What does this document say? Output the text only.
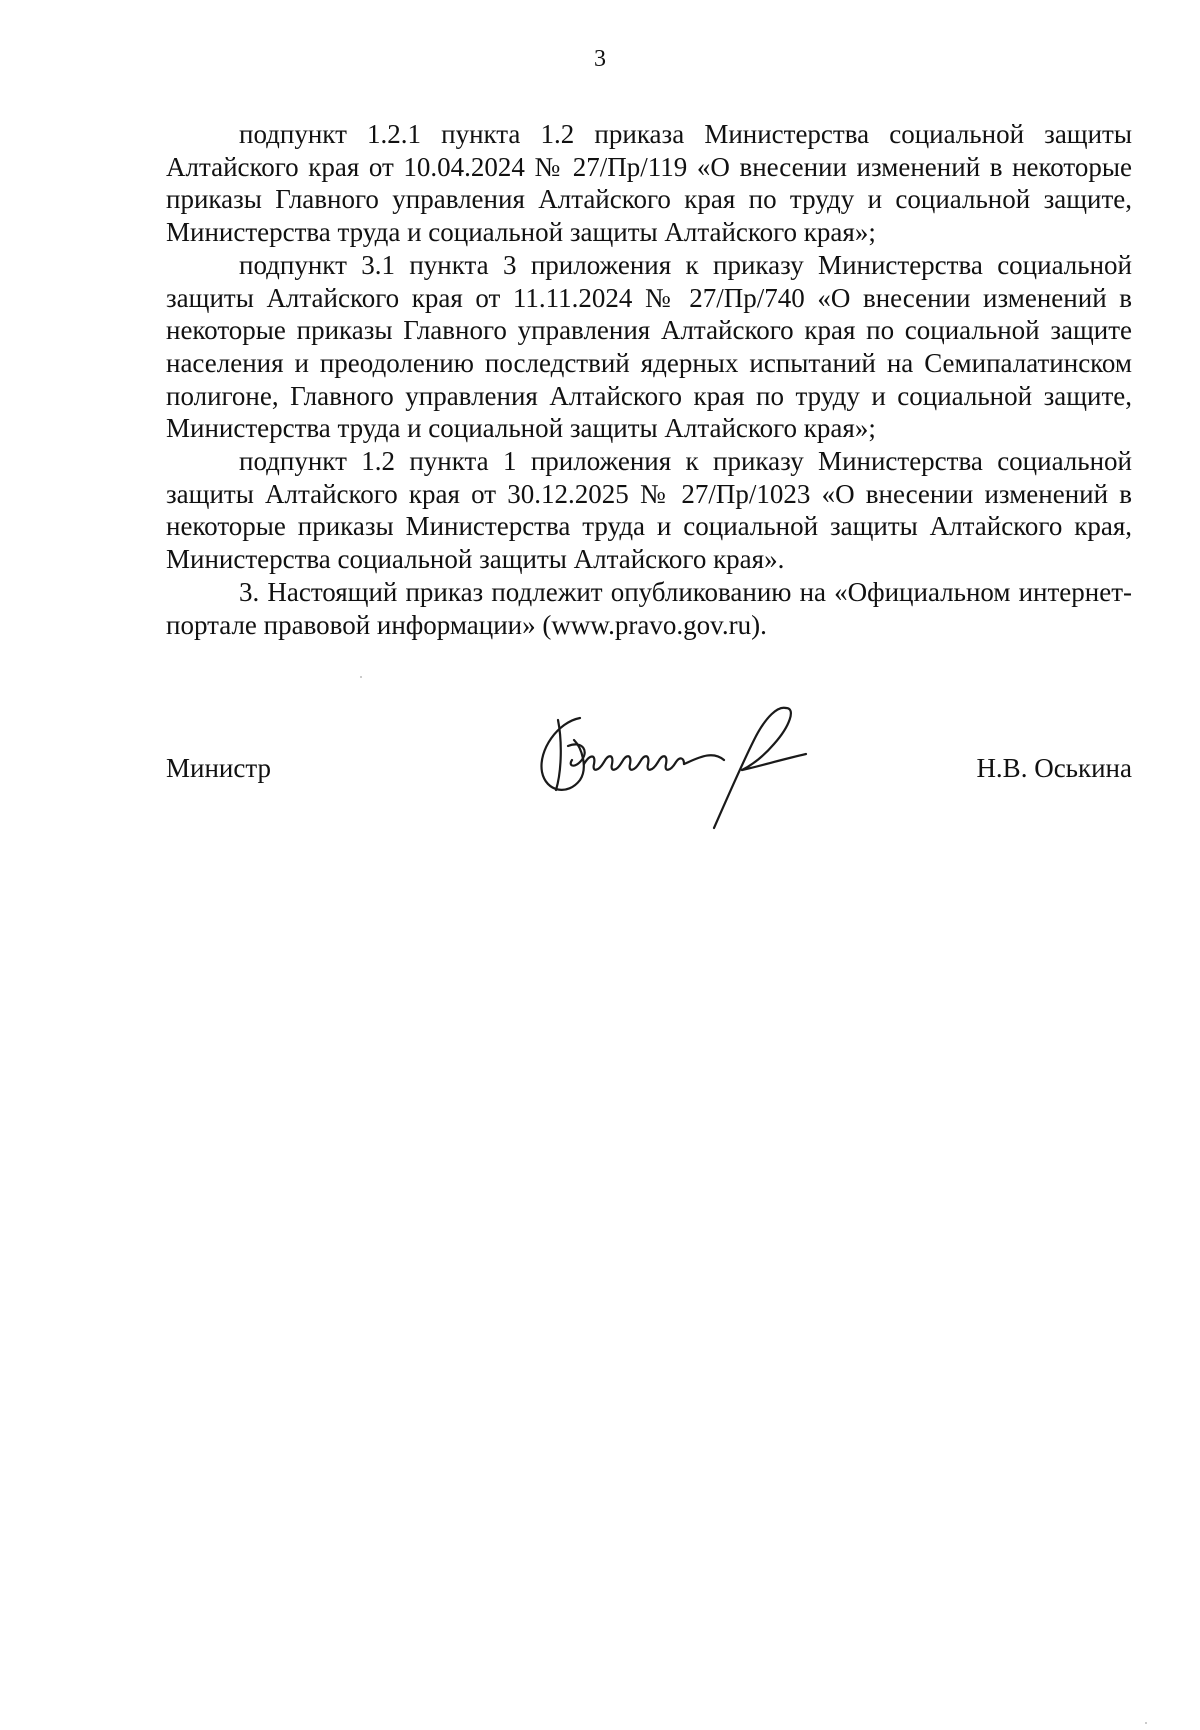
3

подпункт 1.2.1 пункта 1.2 приказа Министерства социальной защиты Алтайского края от 10.04.2024 № 27/Пр/119 «О внесении изменений в некоторые приказы Главного управления Алтайского края по труду и социальной защите, Министерства труда и социальной защиты Алтайского края»;

подпункт 3.1 пункта 3 приложения к приказу Министерства социальной защиты Алтайского края от 11.11.2024 № 27/Пр/740 «О внесении изменений в некоторые приказы Главного управления Алтайского края по социальной защите населения и преодолению последствий ядерных испытаний на Семипалатинском полигоне, Главного управления Алтайского края по труду и социальной защите, Министерства труда и социальной защиты Алтайского края»;

подпункт 1.2 пункта 1 приложения к приказу Министерства социальной защиты Алтайского края от 30.12.2025 № 27/Пр/1023 «О внесении изменений в некоторые приказы Министерства труда и социальной защиты Алтайского края, Министерства социальной защиты Алтайского края».

3. Настоящий приказ подлежит опубликованию на «Официальном интернет-портале правовой информации» (www.pravo.gov.ru).

Министр	Н.В. Оськина
